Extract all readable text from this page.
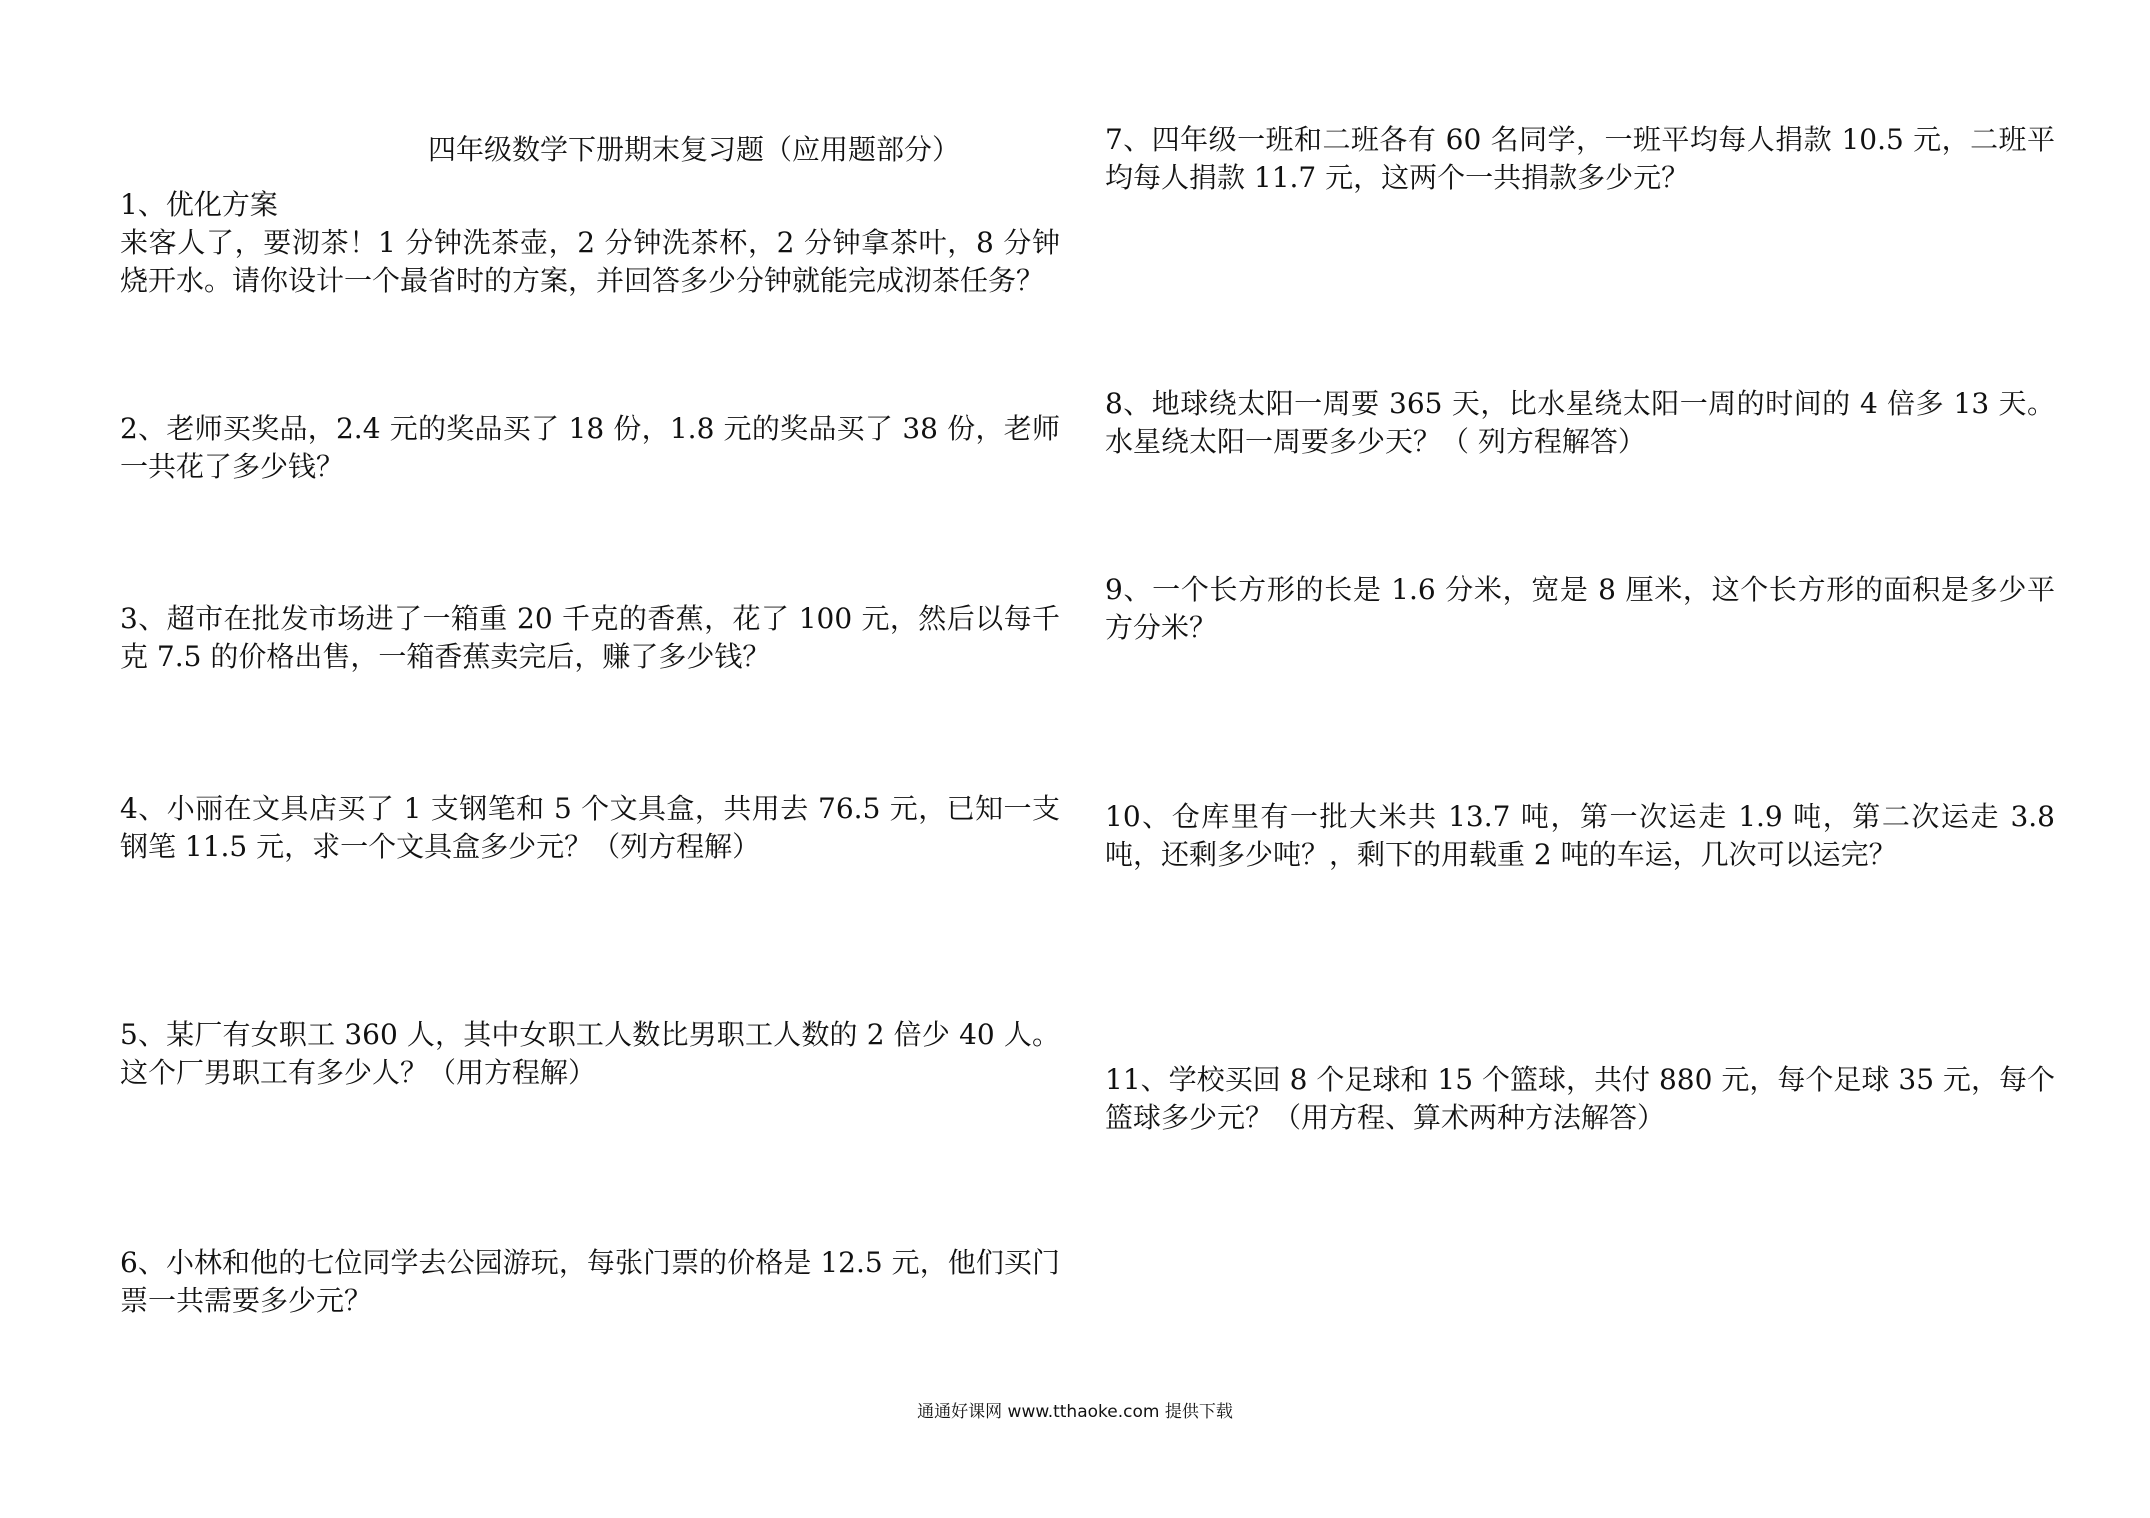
四年级数学下册期末复习题（应用题部分）

1、优化方案

来客人了，要沏茶！1 分钟洗茶壶，2 分钟洗茶杯，2 分钟拿茶叶，8 分钟烧开水。请你设计一个最省时的方案，并回答多少分钟就能完成沏茶任务？

2、老师买奖品，2.4 元的奖品买了 18 份，1.8 元的奖品买了 38 份，老师一共花了多少钱？

3、超市在批发市场进了一箱重 20 千克的香蕉，花了 100 元，然后以每千克 7.5 的价格出售，一箱香蕉卖完后，赚了多少钱？

4、小丽在文具店买了 1 支钢笔和 5 个文具盒，共用去 76.5 元，已知一支钢笔 11.5 元，求一个文具盒多少元？（列方程解）

5、某厂有女职工 360 人，其中女职工人数比男职工人数的 2 倍少 40 人。这个厂男职工有多少人？（用方程解）

6、小林和他的七位同学去公园游玩，每张门票的价格是 12.5 元，他们买门票一共需要多少元？

7、四年级一班和二班各有 60 名同学，一班平均每人捐款 10.5 元，二班平均每人捐款 11.7 元，这两个一共捐款多少元？

8、地球绕太阳一周要 365 天，比水星绕太阳一周的时间的 4 倍多 13 天。水星绕太阳一周要多少天？（ 列方程解答）

9、一个长方形的长是 1.6 分米，宽是 8 厘米，这个长方形的面积是多少平方分米？

10、仓库里有一批大米共 13.7 吨，第一次运走 1.9 吨，第二次运走 3.8 吨，还剩多少吨？，剩下的用载重 2 吨的车运，几次可以运完？

11、学校买回 8 个足球和 15 个篮球，共付 880 元，每个足球 35 元，每个篮球多少元？（用方程、算术两种方法解答）

通通好课网 www.tthaoke.com 提供下载
